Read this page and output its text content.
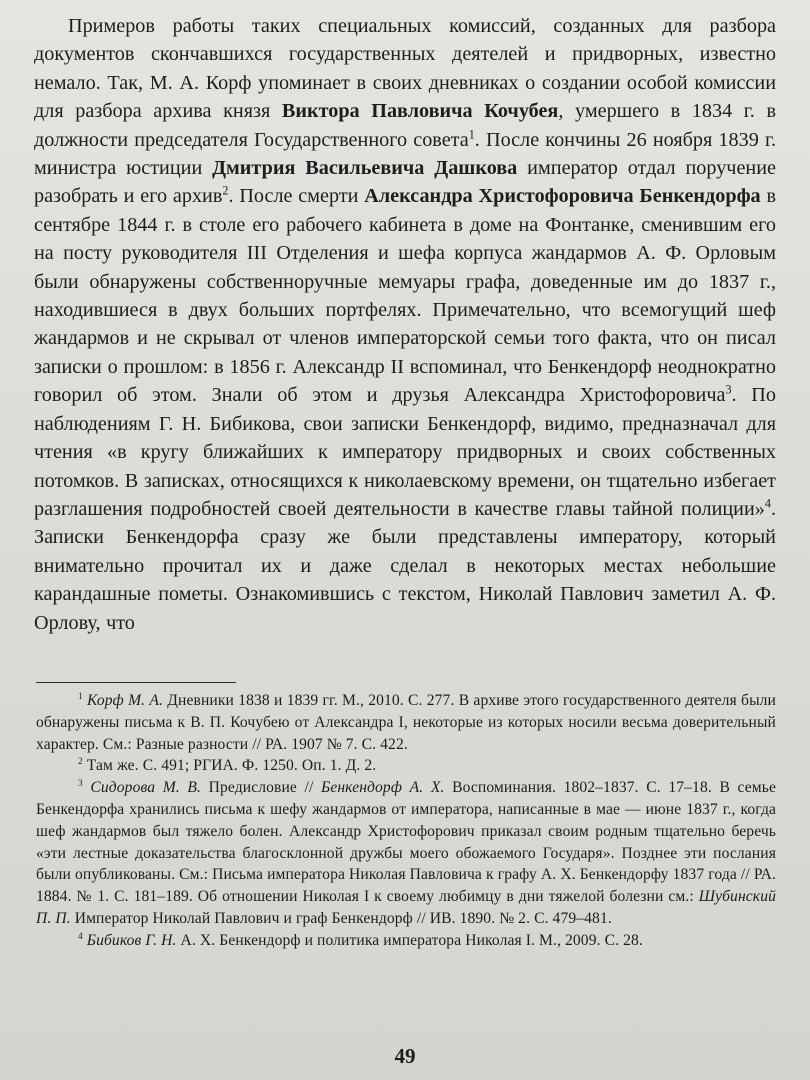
Примеров работы таких специальных комиссий, созданных для разбора документов скончавшихся государственных деятелей и придворных, известно немало. Так, М. А. Корф упоминает в своих дневниках о создании особой комиссии для разбора архива князя Виктора Павловича Кочубея, умершего в 1834 г. в должности председателя Государственного совета$^1$. После кончины 26 ноября 1839 г. министра юстиции Дмитрия Васильевича Дашкова император отдал поручение разобрать и его архив$^2$. После смерти Александра Христофоровича Бенкендорфа в сентябре 1844 г. в столе его рабочего кабинета в доме на Фонтанке, сменившим его на посту руководителя III Отделения и шефа корпуса жандармов А. Ф. Орловым были обнаружены собственноручные мемуары графа, доведенные им до 1837 г., находившиеся в двух больших портфелях. Примечательно, что всемогущий шеф жандармов и не скрывал от членов императорской семьи того факта, что он писал записки о прошлом: в 1856 г. Александр II вспоминал, что Бенкендорф неоднократно говорил об этом. Знали об этом и друзья Александра Христофоровича$^3$. По наблюдениям Г. Н. Бибикова, свои записки Бенкендорф, видимо, предназначал для чтения «в кругу ближайших к императору придворных и своих собственных потомков. В записках, относящихся к николаевскому времени, он тщательно избегает разглашения подробностей своей деятельности в качестве главы тайной полиции»$^4$. Записки Бенкендорфа сразу же были представлены императору, который внимательно прочитал их и даже сделал в некоторых местах небольшие карандашные пометы. Ознакомившись с текстом, Николай Павлович заметил А. Ф. Орлову, что

$^1$ Корф М. А. Дневники 1838 и 1839 гг. М., 2010. С. 277. В архиве этого государственного деятеля были обнаружены письма к В. П. Кочубею от Александра I, некоторые из которых носили весьма доверительный характер. См.: Разные разности // РА. 1907 № 7. С. 422.

$^2$ Там же. С. 491; РГИА. Ф. 1250. Оп. 1. Д. 2.

$^3$ Сидорова М. В. Предисловие // Бенкендорф А. Х. Воспоминания. 1802–1837. С. 17–18. В семье Бенкендорфа хранились письма к шефу жандармов от императора, написанные в мае — июне 1837 г., когда шеф жандармов был тяжело болен. Александр Христофорович приказал своим родным тщательно беречь «эти лестные доказательства благосклонной дружбы моего обожаемого Государя». Позднее эти послания были опубликованы. См.: Письма императора Николая Павловича к графу А. Х. Бенкендорфу 1837 года // РА. 1884. № 1. С. 181–189. Об отношении Николая I к своему любимцу в дни тяжелой болезни см.: Шубинский П. П. Император Николай Павлович и граф Бенкендорф // ИВ. 1890. № 2. С. 479–481.

$^4$ Бибиков Г. Н. А. Х. Бенкендорф и политика императора Николая I. М., 2009. С. 28.

49
